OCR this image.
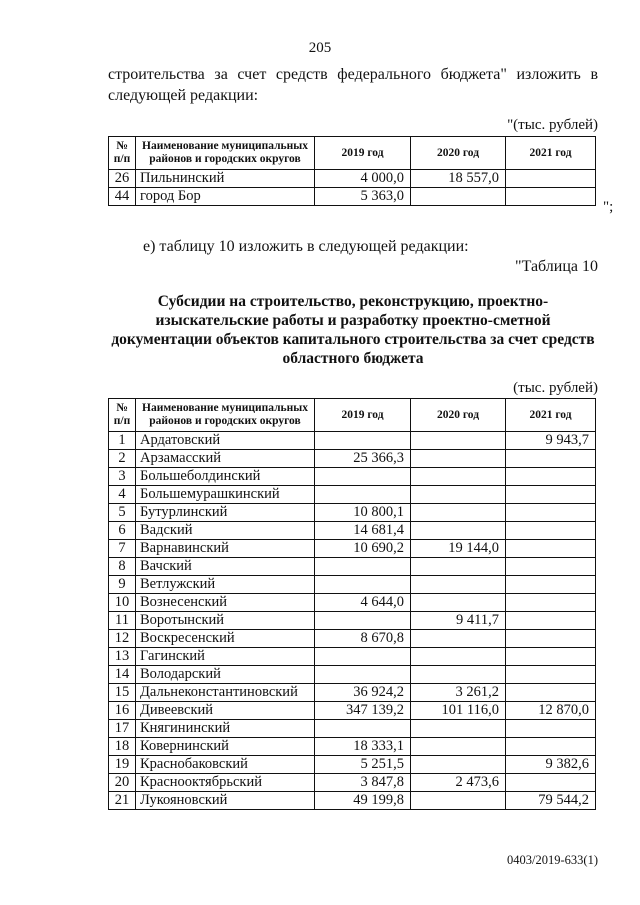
205
строительства за счет средств федерального бюджета" изложить в
следующей редакции:
"(тыс. рублей)
№ п/п	Наименование муниципальных районов и городских округов	2019 год	2020 год	2021 год
26	Пильнинский	4 000,0	18 557,0	
44	город Бор	5 363,0		
";
е) таблицу 10 изложить в следующей редакции:
"Таблица 10
Субсидии на строительство, реконструкцию, проектно-изыскательские работы и разработку проектно-сметной документации объектов капитального строительства за счет средств областного бюджета
(тыс. рублей)
№ п/п	Наименование муниципальных районов и городских округов	2019 год	2020 год	2021 год
1	Ардатовский			9 943,7
2	Арзамасский	25 366,3		
3	Большеболдинский			
4	Большемурашкинский			
5	Бутурлинский	10 800,1		
6	Вадский	14 681,4		
7	Варнавинский	10 690,2	19 144,0	
8	Вачский			
9	Ветлужский			
10	Вознесенский	4 644,0		
11	Воротынский		9 411,7	
12	Воскресенский	8 670,8		
13	Гагинский			
14	Володарский			
15	Дальнеконстантиновский	36 924,2	3 261,2	
16	Дивеевский	347 139,2	101 116,0	12 870,0
17	Княгининский			
18	Ковернинский	18 333,1		
19	Краснобаковский	5 251,5		9 382,6
20	Краснооктябрьский	3 847,8	2 473,6	
21	Лукояновский	49 199,8		79 544,2
0403/2019-633(1)
